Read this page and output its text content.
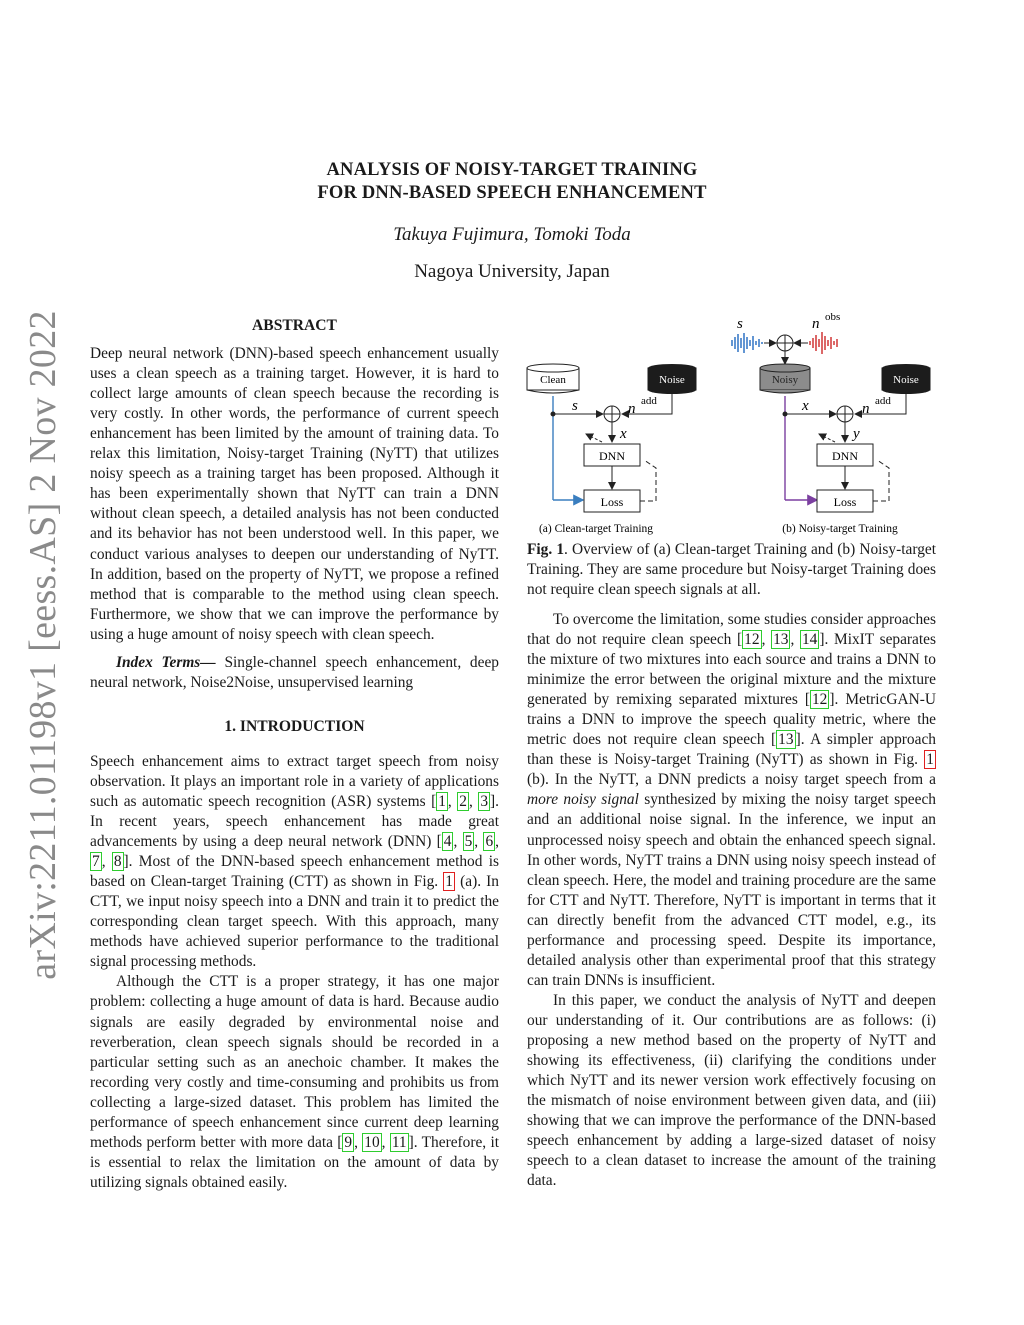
arXiv:2211.01198v1 [eess.AS] 2 Nov 2022
ANALYSIS OF NOISY-TARGET TRAINING
FOR DNN-BASED SPEECH ENHANCEMENT
Takuya Fujimura, Tomoki Toda
Nagoya University, Japan

ABSTRACT

Deep neural network (DNN)-based speech enhancement usually uses a clean speech as a training target. However, it is hard to collect large amounts of clean speech because the recording is very costly. In other words, the performance of current speech enhancement has been limited by the amount of training data. To relax this limitation, Noisy-target Training (NyTT) that utilizes noisy speech as a training target has been proposed. Although it has been experimentally shown that NyTT can train a DNN without clean speech, a detailed analysis has not been conducted and its behavior has not been understood well. In this paper, we conduct various analyses to deepen our understanding of NyTT. In addition, based on the property of NyTT, we propose a refined method that is comparable to the method using clean speech. Furthermore, we show that we can improve the performance by using a huge amount of noisy speech with clean speech.

Index Terms— Single-channel speech enhancement, deep neural network, Noise2Noise, unsupervised learning

1. INTRODUCTION

Speech enhancement aims to extract target speech from noisy observation. It plays an important role in a variety of applications such as automatic speech recognition (ASR) systems [ 1 , 2 , 3 ]. In recent years, speech enhancement has made great advancements by using a deep neural network (DNN) [ 4 , 5 , 6 , 7 , 8 ]. Most of the DNN-based speech enhancement method is based on Clean-target Training (CTT) as shown in Fig. 1 (a). In CTT, we input noisy speech into a DNN and train it to predict the corresponding clean target speech. With this approach, many methods have achieved superior performance to the traditional signal processing methods.

Although the CTT is a proper strategy, it has one major problem: collecting a huge amount of data is hard. Because audio signals are easily degraded by environmental noise and reverberation, clean speech signals should be recorded in a particular setting such as an anechoic chamber. It makes the recording very costly and time-consuming and prohibits us from collecting a large-sized dataset. This problem has limited the performance of speech enhancement since current deep learning methods perform better with more data [ 9 , 10 , 11 ]. Therefore, it is essential to relax the limitation on the amount of data by utilizing signals obtained easily.

Clean	Noise
s	n add
x
DNN
Loss
(a) Clean-target Training
s	n obs
Noisy	Noise
x	n add
y
DNN
Loss
(b) Noisy-target Training
Fig. 1. Overview of (a) Clean-target Training and (b) Noisy-target Training. They are same procedure but Noisy-target Training does not require clean speech signals at all.

To overcome the limitation, some studies consider approaches that do not require clean speech [ 12 , 13 , 14 ]. MixIT separates the mixture of two mixtures into each source and trains a DNN to minimize the error between the original mixture and the mixture generated by remixing separated mixtures [ 12 ]. MetricGAN-U trains a DNN to improve the speech quality metric, where the metric does not require clean speech [ 13 ]. A simpler approach than these is Noisy-target Training (NyTT) as shown in Fig. 1 (b). In the NyTT, a DNN predicts a noisy target speech from a more noisy signal synthesized by mixing the noisy target speech and an additional noise signal. In the inference, we input an unprocessed noisy speech and obtain the enhanced speech signal. In other words, NyTT trains a DNN using noisy speech instead of clean speech. Here, the model and training procedure are the same for CTT and NyTT. Therefore, NyTT is important in terms that it can directly benefit from the advanced CTT model, e.g., its performance and processing speed. Despite its importance, detailed analysis other than experimental proof that this strategy can train DNNs is insufficient.

In this paper, we conduct the analysis of NyTT and deepen our understanding of it. Our contributions are as follows: (i) proposing a new method based on the property of NyTT and showing its effectiveness, (ii) clarifying the conditions under which NyTT and its newer version work effectively focusing on the mismatch of noise environment between given data, and (iii) showing that we can improve the performance of the DNN-based speech enhancement by adding a large-sized dataset of noisy speech to a clean dataset to increase the amount of the training data.
